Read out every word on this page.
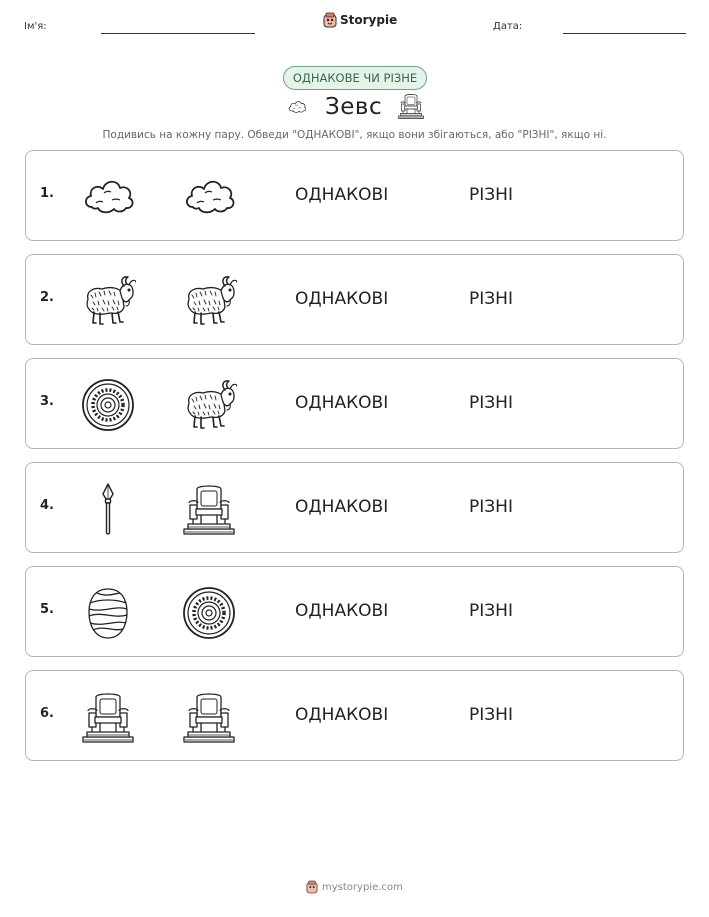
Ім'я:	Storypie	Дата:
ОДНАКОВЕ ЧИ РІЗНЕ
Зевс
Подивись на кожну пару. Обведи "ОДНАКОВІ", якщо вони збігаються, або "РІЗНІ", якщо ні.
1.	ОДНАКОВІ	РІЗНІ
2.	ОДНАКОВІ	РІЗНІ
3.	ОДНАКОВІ	РІЗНІ
4.	ОДНАКОВІ	РІЗНІ
5.	ОДНАКОВІ	РІЗНІ
6.	ОДНАКОВІ	РІЗНІ
mystorypie.com
